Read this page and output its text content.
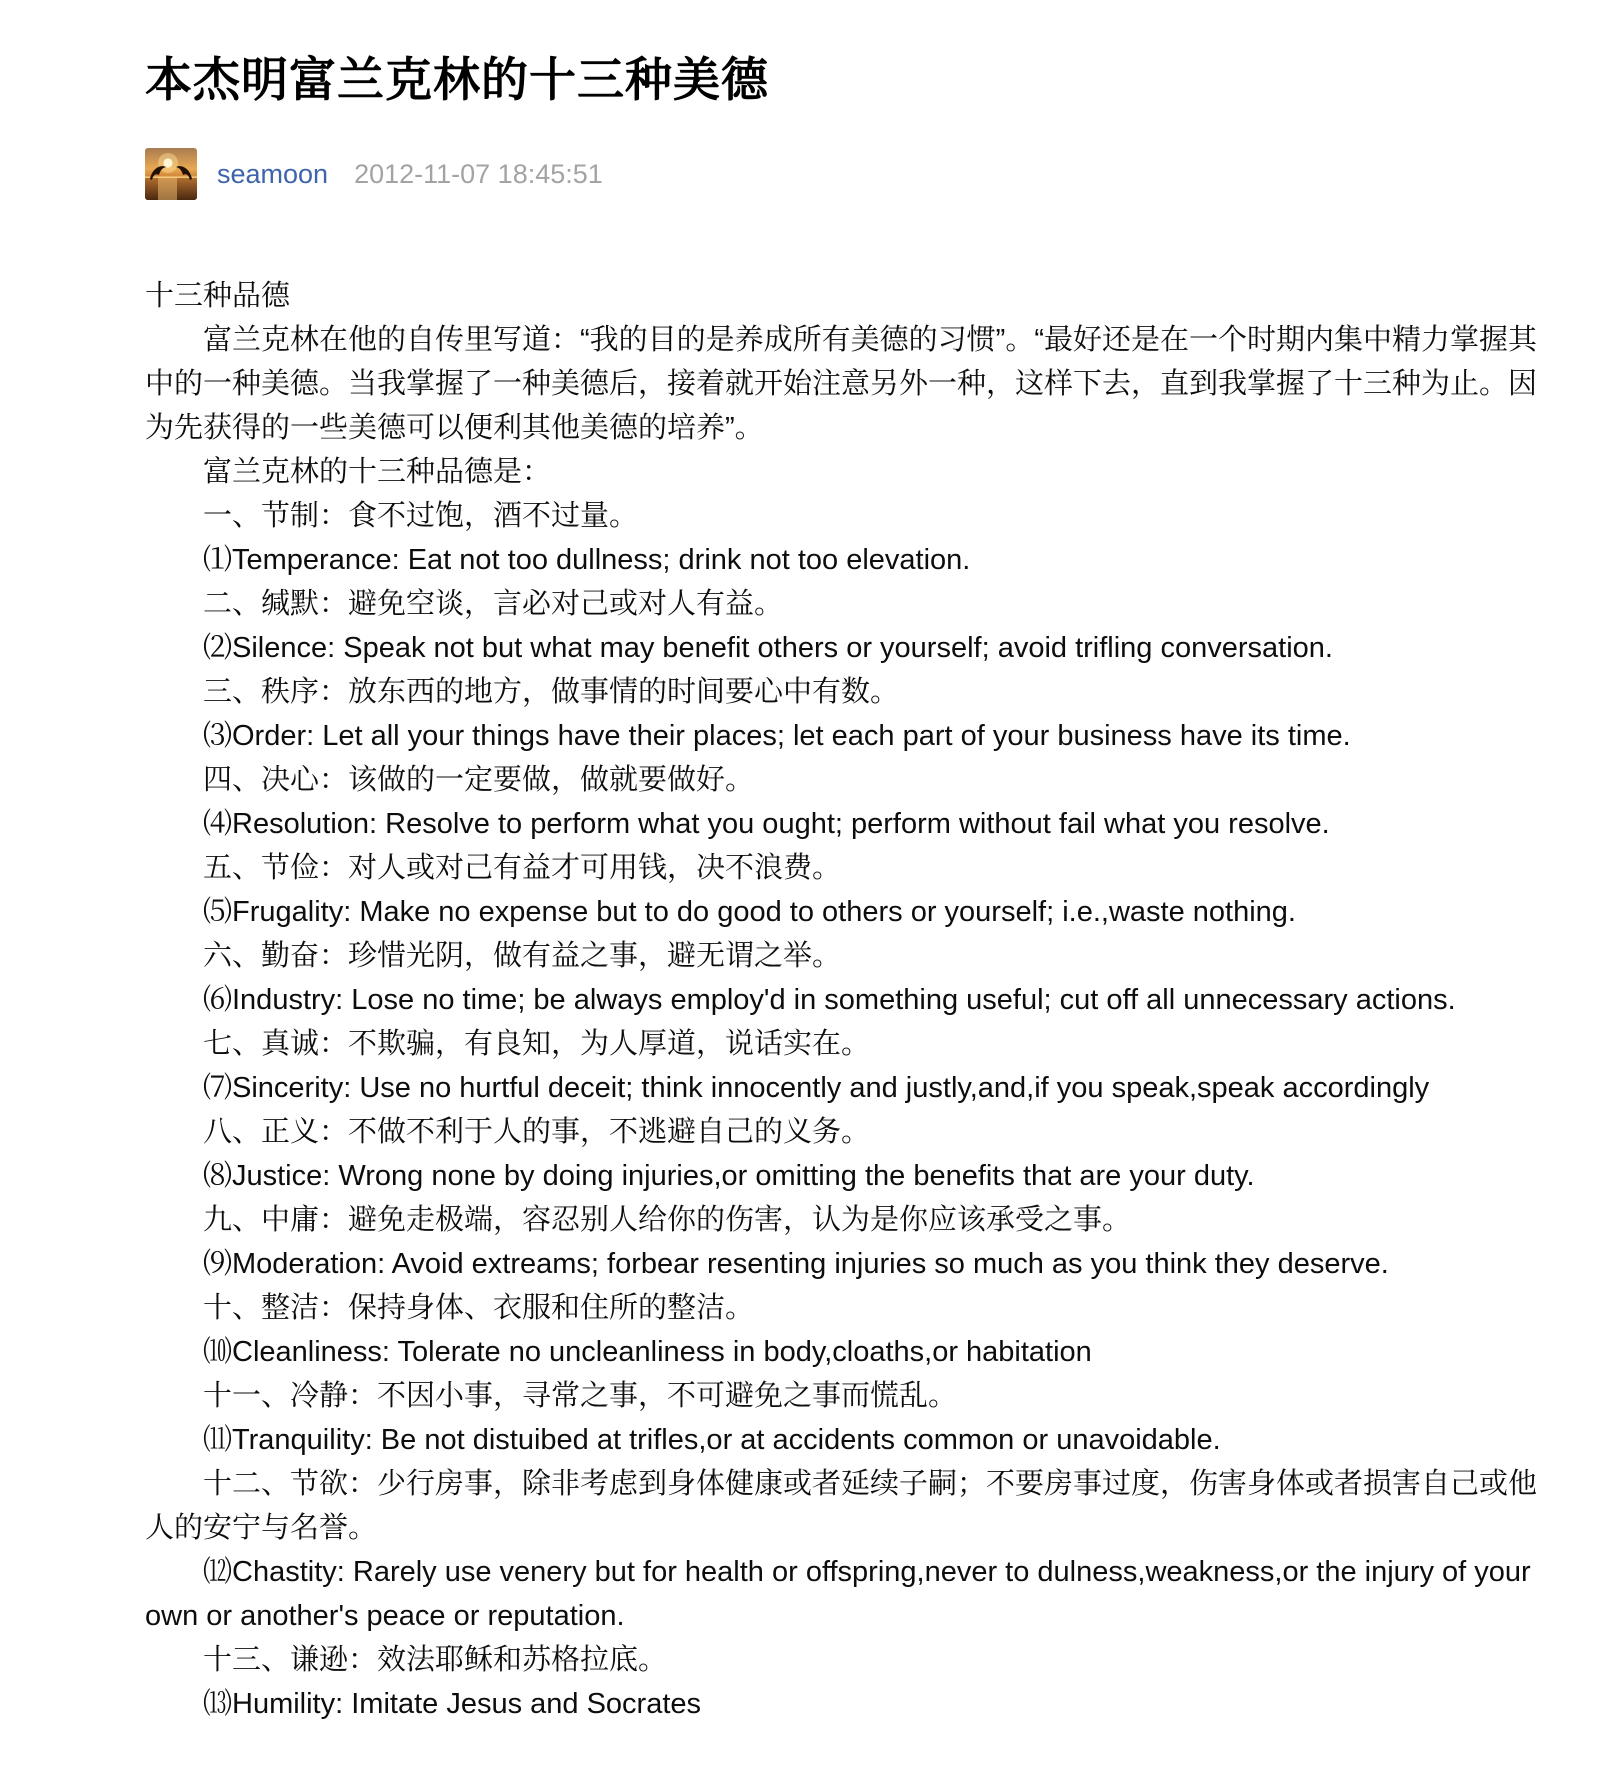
本杰明富兰克林的十三种美德
seamoon 2012-11-07 18:45:51

十三种品德

富兰克林在他的自传里写道：“我的目的是养成所有美德的习惯”。“最好还是在一个时期内集中精力掌握其中的一种美德。当我掌握了一种美德后，接着就开始注意另外一种，这样下去，直到我掌握了十三种为止。因为先获得的一些美德可以便利其他美德的培养”。

富兰克林的十三种品德是：

一、节制：食不过饱，酒不过量。

⑴Temperance: Eat not too dullness; drink not too elevation.

二、缄默：避免空谈，言必对己或对人有益。

⑵Silence: Speak not but what may benefit others or yourself; avoid trifling conversation.

三、秩序：放东西的地方，做事情的时间要心中有数。

⑶Order: Let all your things have their places; let each part of your business have its time.

四、决心：该做的一定要做，做就要做好。

⑷Resolution: Resolve to perform what you ought; perform without fail what you resolve.

五、节俭：对人或对己有益才可用钱，决不浪费。

⑸Frugality: Make no expense but to do good to others or yourself; i.e.,waste nothing.

六、勤奋：珍惜光阴，做有益之事，避无谓之举。

⑹Industry: Lose no time; be always employ'd in something useful; cut off all unnecessary actions.

七、真诚：不欺骗，有良知，为人厚道，说话实在。

⑺Sincerity: Use no hurtful deceit; think innocently and justly,and,if you speak,speak accordingly

八、正义：不做不利于人的事，不逃避自己的义务。

⑻Justice: Wrong none by doing injuries,or omitting the benefits that are your duty.

九、中庸：避免走极端，容忍别人给你的伤害，认为是你应该承受之事。

⑼Moderation: Avoid extreams; forbear resenting injuries so much as you think they deserve.

十、整洁：保持身体、衣服和住所的整洁。

⑽Cleanliness: Tolerate no uncleanliness in body,cloaths,or habitation

十一、冷静：不因小事，寻常之事，不可避免之事而慌乱。

⑾Tranquility: Be not distuibed at trifles,or at accidents common or unavoidable.

十二、节欲：少行房事，除非考虑到身体健康或者延续子嗣；不要房事过度，伤害身体或者损害自己或他人的安宁与名誉。

⑿Chastity: Rarely use venery but for health or offspring,never to dulness,weakness,or the injury of your own or another's peace or reputation.

十三、谦逊：效法耶稣和苏格拉底。

⒀Humility: Imitate Jesus and Socrates
